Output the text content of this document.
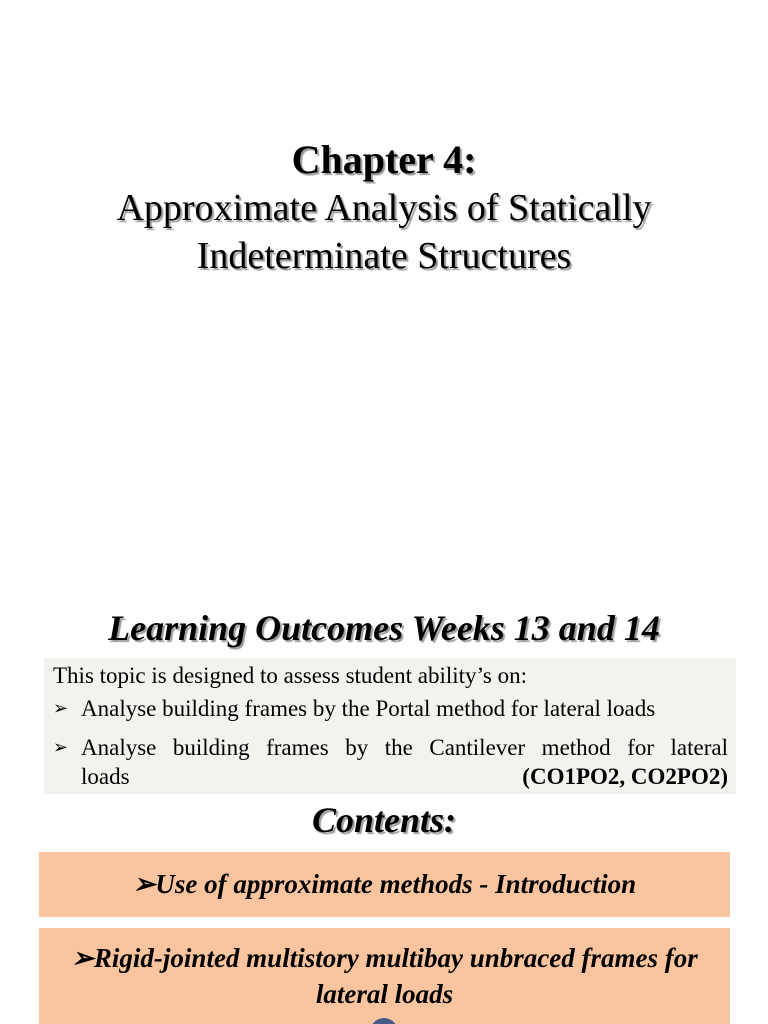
Chapter 4:
Approximate Analysis of Statically
Indeterminate Structures
Learning Outcomes Weeks 13 and 14
This topic is designed to assess student ability’s on:
➢ Analyse building frames by the Portal method for lateral loads
➢ Analyse building frames by the Cantilever method for lateral
loads	(CO1PO2, CO2PO2)
Contents:
➢Use of approximate methods - Introduction
➢Rigid-jointed multistory multibay unbraced frames for lateral loads
